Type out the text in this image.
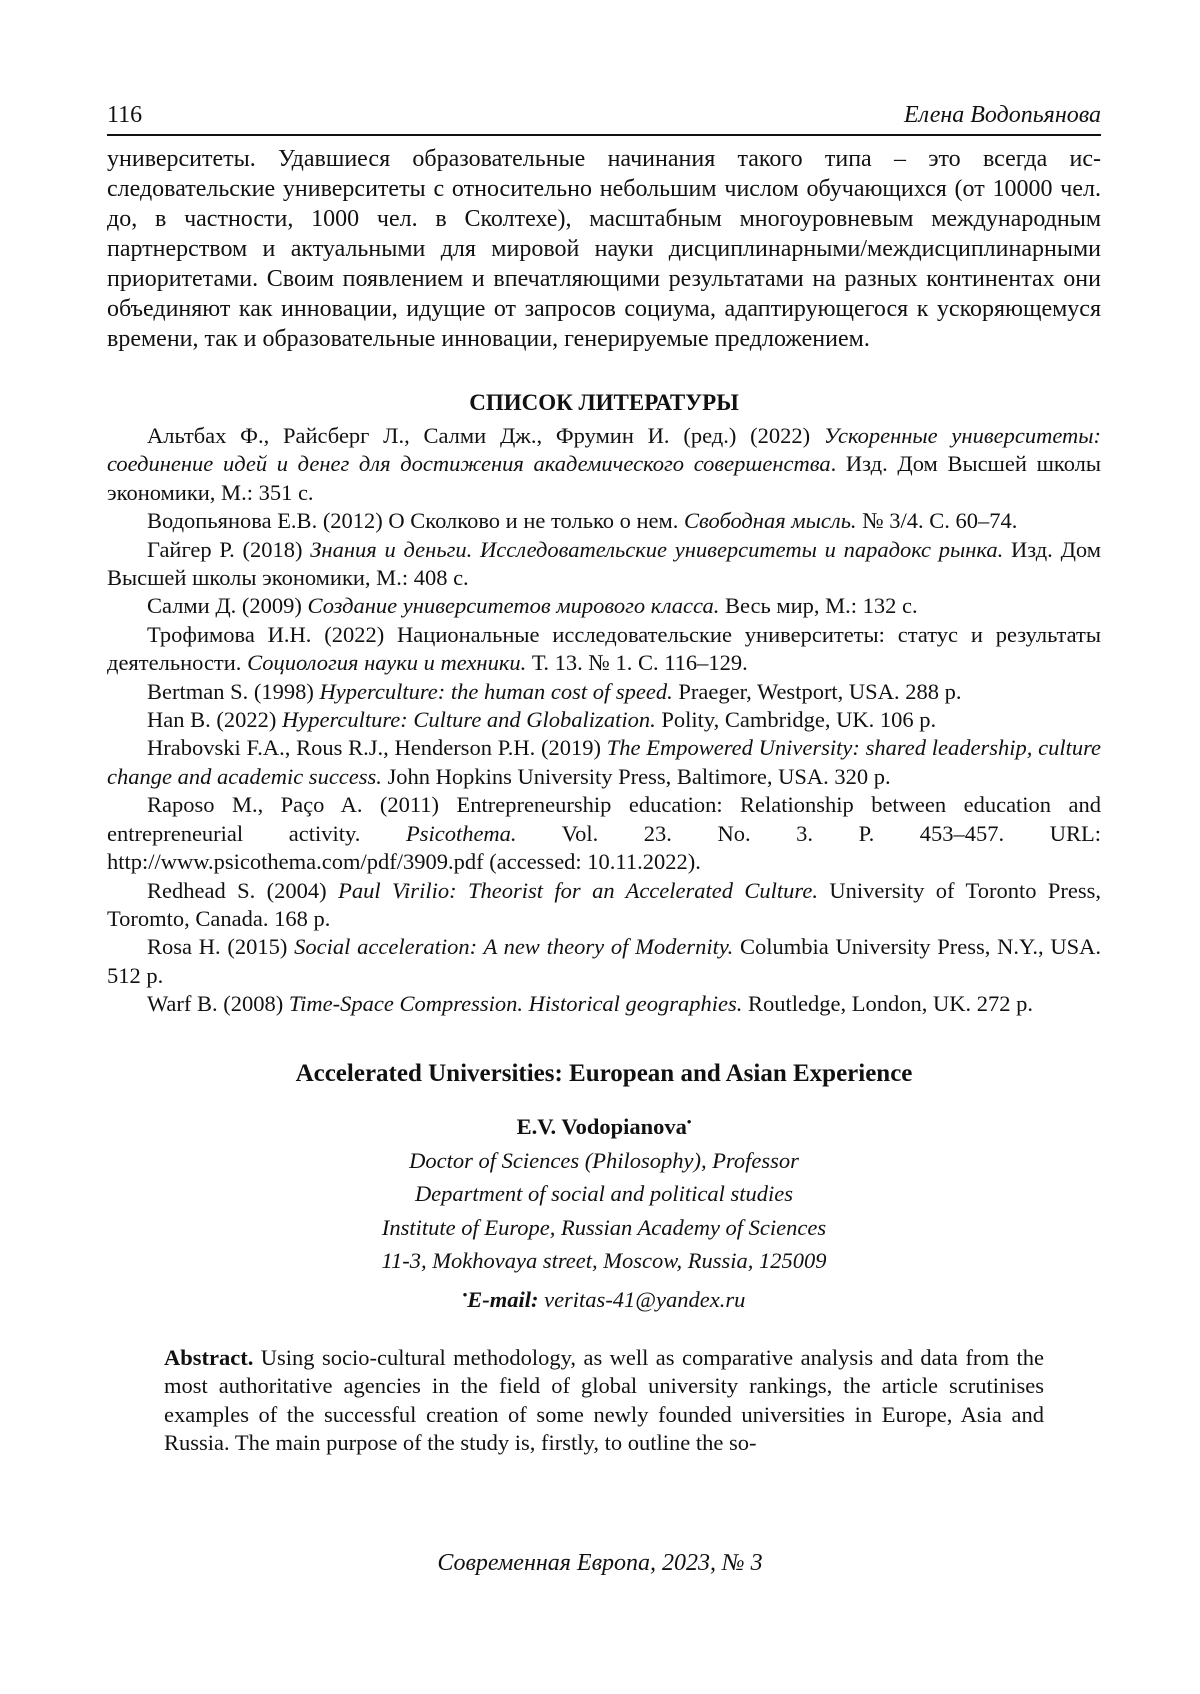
116	Елена Водопьянова

университеты. Удавшиеся образовательные начинания такого типа – это всегда исследовательские университеты с относительно небольшим числом обучающихся (от 10000 чел. до, в частности, 1000 чел. в Сколтехе), масштабным многоуровневым международным партнерством и актуальными для мировой науки дисциплинарными/междисциплинарными приоритетами. Своим появлением и впечатляющими результатами на разных континентах они объединяют как инновации, идущие от запросов социума, адаптирующегося к ускоряющемуся времени, так и образовательные инновации, генерируемые предложением.

СПИСОК ЛИТЕРАТУРЫ
Альтбах Ф., Райсберг Л., Салми Дж., Фрумин И. (ред.) (2022) Ускоренные университеты: соединение идей и денег для достижения академического совершенства. Изд. Дом Высшей школы экономики, М.: 351 с.
Водопьянова Е.В. (2012) О Сколково и не только о нем. Свободная мысль. № 3/4. С. 60–74.
Гайгер Р. (2018) Знания и деньги. Исследовательские университеты и парадокс рынка. Изд. Дом Высшей школы экономики, М.: 408 с.
Салми Д. (2009) Создание университетов мирового класса. Весь мир, М.: 132 с.
Трофимова И.Н. (2022) Национальные исследовательские университеты: статус и результаты деятельности. Социология науки и техники. Т. 13. № 1. С. 116–129.
Bertman S. (1998) Hyperculture: the human cost of speed. Praeger, Westport, USA. 288 p.
Han B. (2022) Hyperculture: Culture and Globalization. Polity, Cambridge, UK. 106 p.
Hrabovski F.A., Rous R.J., Henderson P.H. (2019) The Empowered University: shared leadership, culture change and academic success. John Hopkins University Press, Baltimore, USA. 320 p.
Raposo M., Paço A. (2011) Entrepreneurship education: Relationship between education and entrepreneurial activity. Psicothema. Vol. 23. No. 3. P. 453–457. URL: http://www.psicothema.com/pdf/3909.pdf (accessed: 10.11.2022).
Redhead S. (2004) Paul Virilio: Theorist for an Accelerated Culture. University of Toronto Press, Toromto, Canada. 168 p.
Rosa H. (2015) Social acceleration: A new theory of Modernity. Columbia University Press, N.Y., USA. 512 p.
Warf B. (2008) Time-Space Compression. Historical geographies. Routledge, London, UK. 272 p.
Accelerated Universities: European and Asian Experience
E.V. Vodopianova•
Doctor of Sciences (Philosophy), Professor
Department of social and political studies
Institute of Europe, Russian Academy of Sciences
11-3, Mokhovaya street, Moscow, Russia, 125009
•E-mail: veritas-41@yandex.ru

Abstract. Using socio-cultural methodology, as well as comparative analysis and data from the most authoritative agencies in the field of global university rankings, the article scrutinises examples of the successful creation of some newly founded universities in Europe, Asia and Russia. The main purpose of the study is, firstly, to outline the so-

Современная Европа, 2023, № 3
